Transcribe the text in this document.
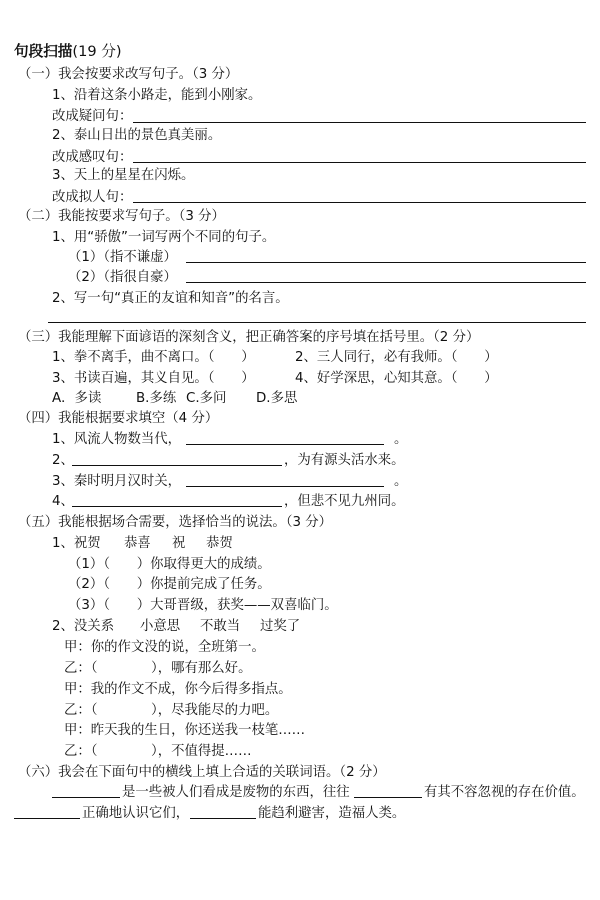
句段扫描(19 分)
（一）我会按要求改写句子。（3 分）
1、沿着这条小路走，能到小刚家。
改成疑问句：
2、泰山日出的景色真美丽。
改成感叹句：
3、天上的星星在闪烁。
改成拟人句：
（二）我能按要求写句子。（3 分）
1、用“骄傲”一词写两个不同的句子。
（1）（指不谦虚）
（2）（指很自豪）
2、写一句“真正的友谊和知音”的名言。
（三）我能理解下面谚语的深刻含义，把正确答案的序号填在括号里。（2 分）
1、拳不离手，曲不离口。（　　）	2、三人同行，必有我师。（　　）
3、书读百遍，其义自见。（　　）	4、好学深思，心知其意。（　　）
A．多读	B.多练 C.多问 D.多思
（四）我能根据要求填空（4 分）
1、风流人物数当代，	。
2、	，为有源头活水来。
3、秦时明月汉时关，	。
4、	，但悲不见九州同。
（五）我能根据场合需要，选择恰当的说法。（3 分）
1、祝贺 恭喜 祝 恭贺
（1）（　　）你取得更大的成绩。
（2）（　　）你提前完成了任务。
（3）（　　）大哥晋级，获奖——双喜临门。
2、没关系 小意思 不敢当 过奖了
甲：你的作文没的说，全班第一。
乙：（　　　　），哪有那么好。
甲：我的作文不成，你今后得多指点。
乙：（　　　　），尽我能尽的力吧。
甲：昨天我的生日，你还送我一枝笔……
乙：（　　　　），不值得提……
（六）我会在下面句中的横线上填上合适的关联词语。（2 分）
是一些被人们看成是废物的东西，往往	有其不容忽视的存在价值。
正确地认识它们，	能趋利避害，造福人类。
